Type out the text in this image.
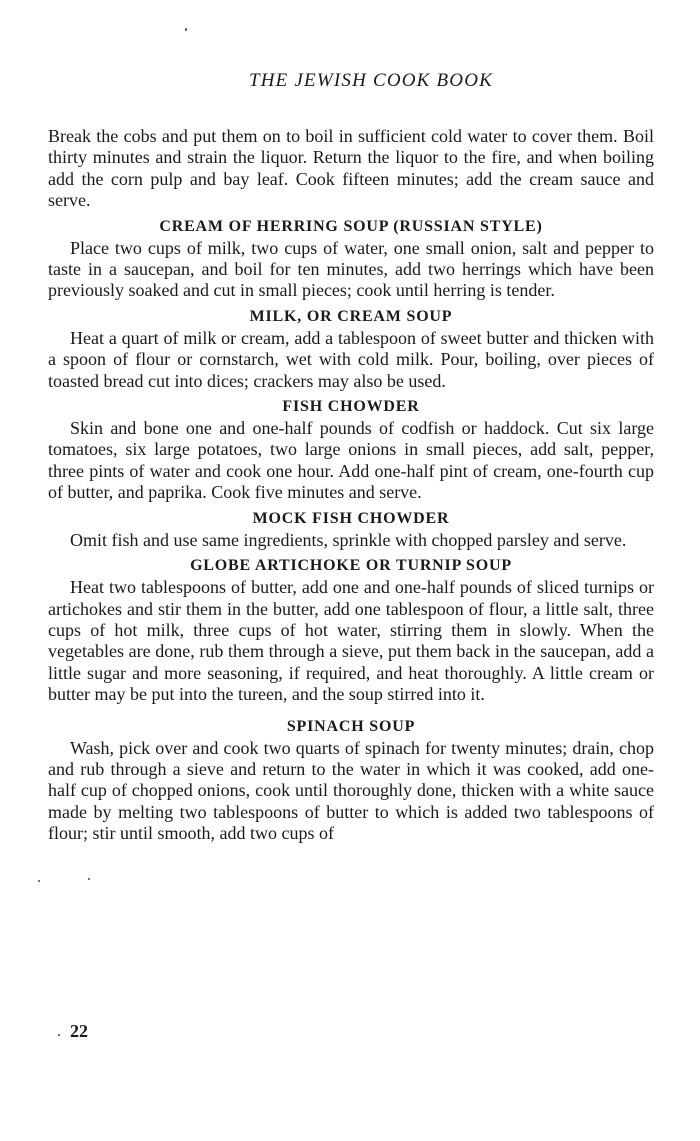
THE JEWISH COOK BOOK

Break the cobs and put them on to boil in sufficient cold water to cover them. Boil thirty minutes and strain the liquor. Return the liquor to the fire, and when boiling add the corn pulp and bay leaf. Cook fifteen minutes; add the cream sauce and serve.

CREAM OF HERRING SOUP (RUSSIAN STYLE)

Place two cups of milk, two cups of water, one small onion, salt and pepper to taste in a saucepan, and boil for ten minutes, add two herrings which have been previously soaked and cut in small pieces; cook until herring is tender.

MILK, OR CREAM SOUP

Heat a quart of milk or cream, add a tablespoon of sweet butter and thicken with a spoon of flour or cornstarch, wet with cold milk. Pour, boiling, over pieces of toasted bread cut into dices; crackers may also be used.

FISH CHOWDER

Skin and bone one and one-half pounds of codfish or haddock. Cut six large tomatoes, six large potatoes, two large onions in small pieces, add salt, pepper, three pints of water and cook one hour. Add one-half pint of cream, one-fourth cup of butter, and paprika. Cook five minutes and serve.

MOCK FISH CHOWDER

Omit fish and use same ingredients, sprinkle with chopped parsley and serve.

GLOBE ARTICHOKE OR TURNIP SOUP

Heat two tablespoons of butter, add one and one-half pounds of sliced turnips or artichokes and stir them in the butter, add one tablespoon of flour, a little salt, three cups of hot milk, three cups of hot water, stirring them in slowly. When the vegetables are done, rub them through a sieve, put them back in the saucepan, add a little sugar and more seasoning, if required, and heat thoroughly. A little cream or butter may be put into the tureen, and the soup stirred into it.

SPINACH SOUP

Wash, pick over and cook two quarts of spinach for twenty minutes; drain, chop and rub through a sieve and return to the water in which it was cooked, add one-half cup of chopped onions, cook until thoroughly done, thicken with a white sauce made by melting two tablespoons of butter to which is added two tablespoons of flour; stir until smooth, add two cups of

22
